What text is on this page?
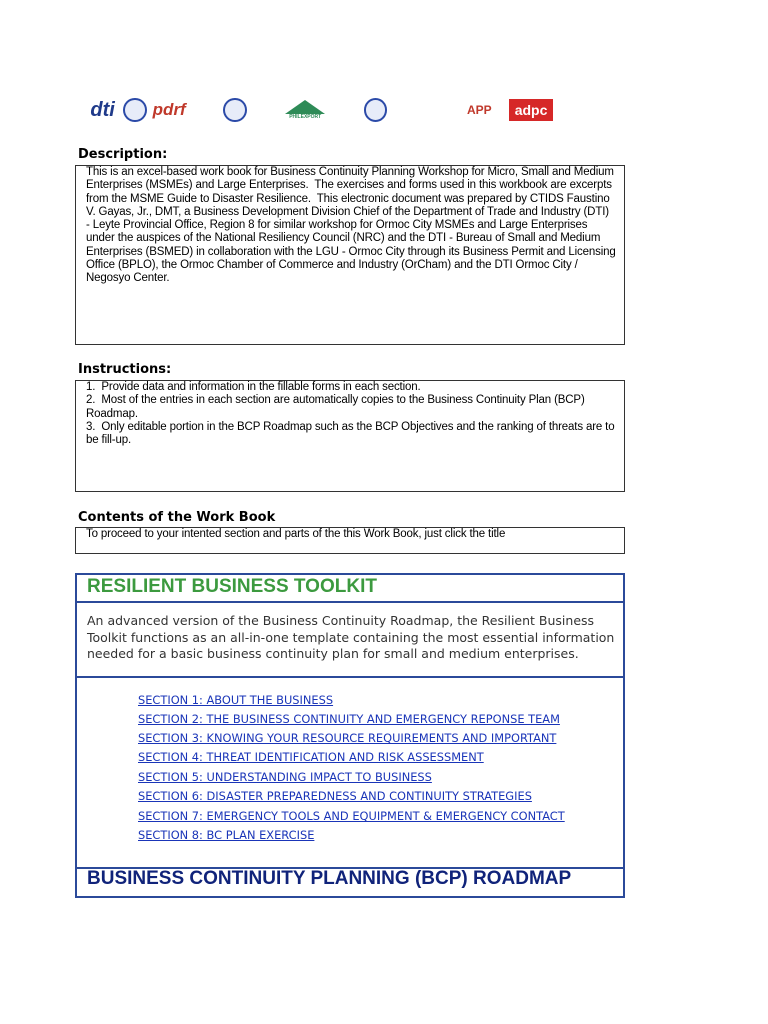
dti pdrf	PHILEXPORT	APP	adpc
Description:
This is an excel-based work book for Business Continuity Planning Workshop for Micro, Small and Medium
Enterprises (MSMEs) and Large Enterprises.  The exercises and forms used in this workbook are excerpts
from the MSME Guide to Disaster Resilience.  This electronic document was prepared by CTIDS Faustino
V. Gayas, Jr., DMT, a Business Development Division Chief of the Department of Trade and Industry (DTI)
- Leyte Provincial Office, Region 8 for similar workshop for Ormoc City MSMEs and Large Enterprises
under the auspices of the National Resiliency Council (NRC) and the DTI - Bureau of Small and Medium
Enterprises (BSMED) in collaboration with the LGU - Ormoc City through its Business Permit and Licensing
Office (BPLO), the Ormoc Chamber of Commerce and Industry (OrCham) and the DTI Ormoc City /
Negosyo Center.
Instructions:
1.  Provide data and information in the fillable forms in each section.
2.  Most of the entries in each section are automatically copies to the Business Continuity Plan (BCP)
Roadmap.
3.  Only editable portion in the BCP Roadmap such as the BCP Objectives and the ranking of threats are to
be fill-up.
Contents of the Work Book
To proceed to your intented section and parts of the this Work Book, just click the title
RESILIENT BUSINESS TOOLKIT
An advanced version of the Business Continuity Roadmap, the Resilient Business
Toolkit functions as an all-in-one template containing the most essential information
needed for a basic business continuity plan for small and medium enterprises.
SECTION 1: ABOUT THE BUSINESS
SECTION 2: THE BUSINESS CONTINUITY AND EMERGENCY REPONSE TEAM
SECTION 3: KNOWING YOUR RESOURCE REQUIREMENTS AND IMPORTANT
SECTION 4: THREAT IDENTIFICATION AND RISK ASSESSMENT
SECTION 5: UNDERSTANDING IMPACT TO BUSINESS
SECTION 6: DISASTER PREPAREDNESS AND CONTINUITY STRATEGIES
SECTION 7: EMERGENCY TOOLS AND EQUIPMENT & EMERGENCY CONTACT
SECTION 8: BC PLAN EXERCISE
BUSINESS CONTINUITY PLANNING (BCP) ROADMAP
